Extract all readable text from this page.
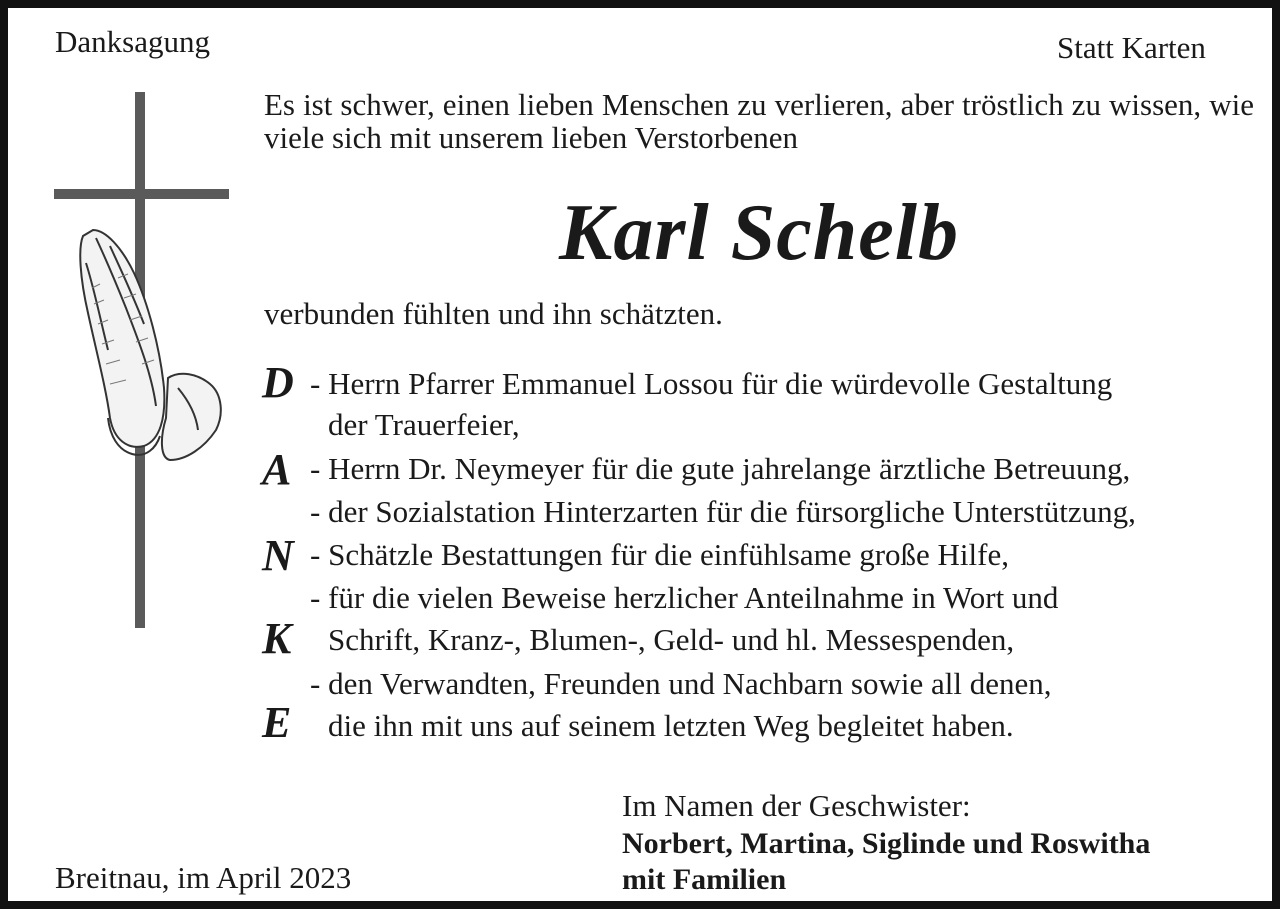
Danksagung	Statt Karten
Es ist schwer, einen lieben Menschen zu verlieren, aber tröstlich zu wissen, wie viele sich mit unserem lieben Verstorbenen
Karl Schelb
verbunden fühlten und ihn schätzten.
D
A
N
K
E
- Herrn Pfarrer Emmanuel Lossou für die würdevolle Gestaltung
der Trauerfeier,
- Herrn Dr. Neymeyer für die gute jahrelange ärztliche Betreuung,
- der Sozialstation Hinterzarten für die fürsorgliche Unterstützung,
- Schätzle Bestattungen für die einfühlsame große Hilfe,
- für die vielen Beweise herzlicher Anteilnahme in Wort und
Schrift, Kranz-, Blumen-, Geld- und hl. Messespenden,
- den Verwandten, Freunden und Nachbarn sowie all denen,
die ihn mit uns auf seinem letzten Weg begleitet haben.
Im Namen der Geschwister:
Norbert, Martina, Siglinde und Roswitha
mit Familien
Breitnau, im April 2023
